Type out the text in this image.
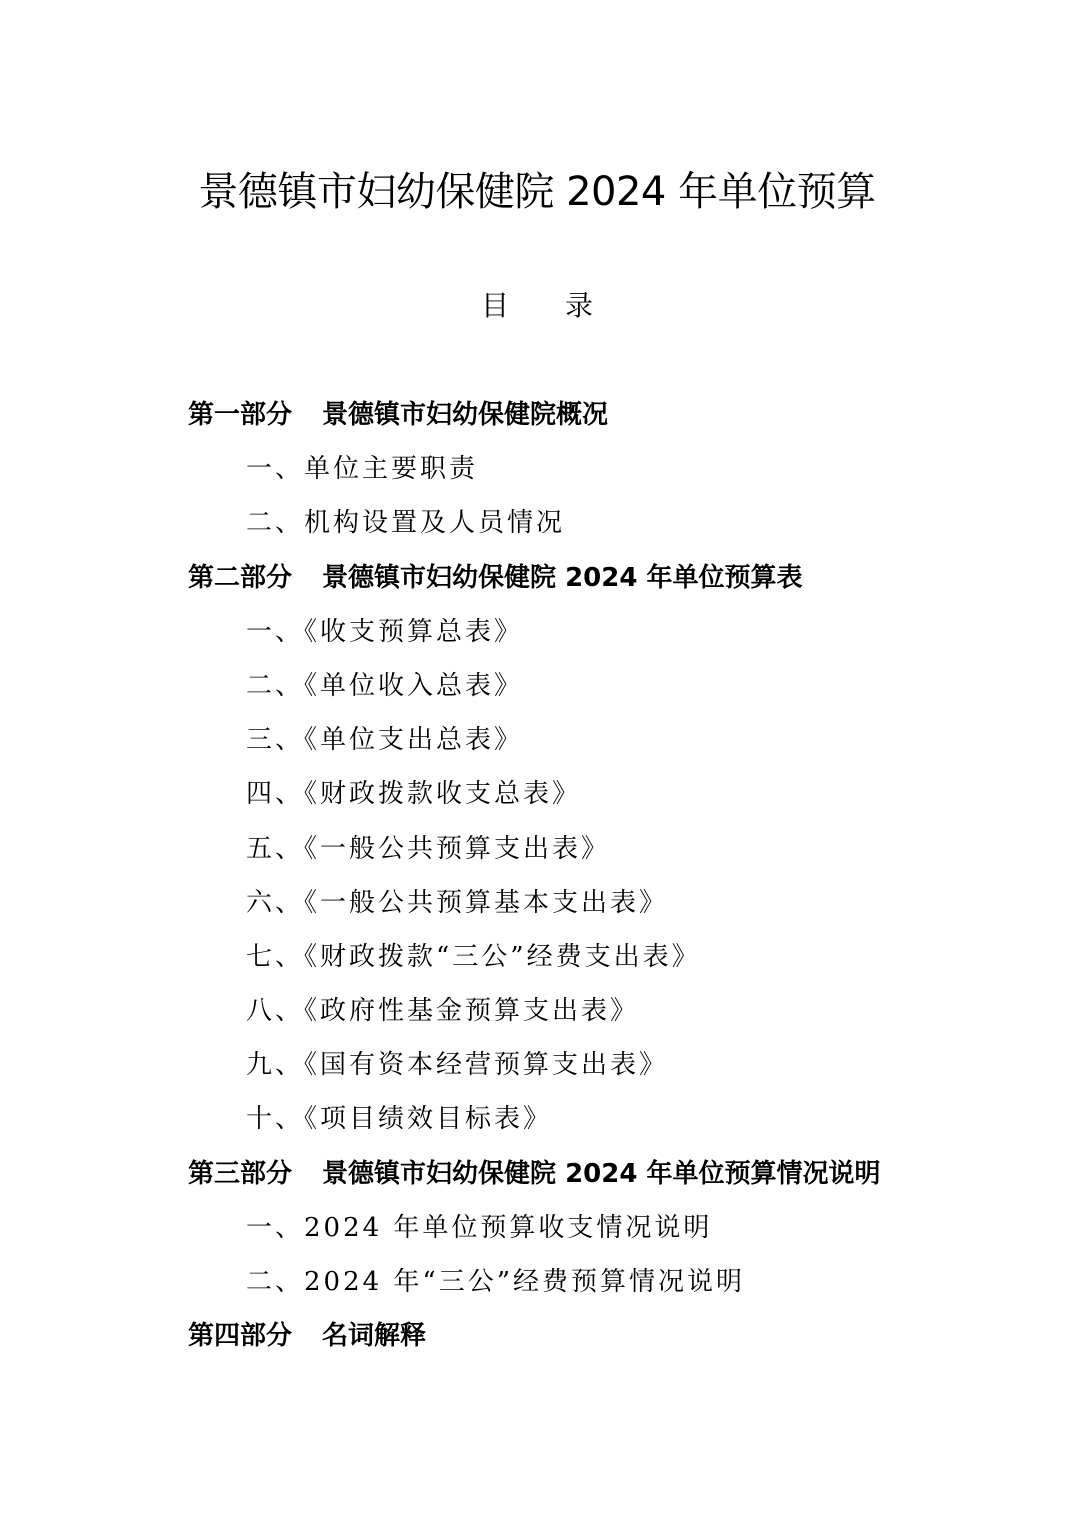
景德镇市妇幼保健院 2024 年单位预算
目 录
第一部分 景德镇市妇幼保健院概况
一、单位主要职责
二、机构设置及人员情况
第二部分 景德镇市妇幼保健院 2024 年单位预算表
一、《收支预算总表》
二、《单位收入总表》
三、《单位支出总表》
四、《财政拨款收支总表》
五、《一般公共预算支出表》
六、《一般公共预算基本支出表》
七、《财政拨款“三公”经费支出表》
八、《政府性基金预算支出表》
九、《国有资本经营预算支出表》
十、《项目绩效目标表》
第三部分 景德镇市妇幼保健院 2024 年单位预算情况说明
一、2024 年单位预算收支情况说明
二、2024 年“三公”经费预算情况说明
第四部分 名词解释
